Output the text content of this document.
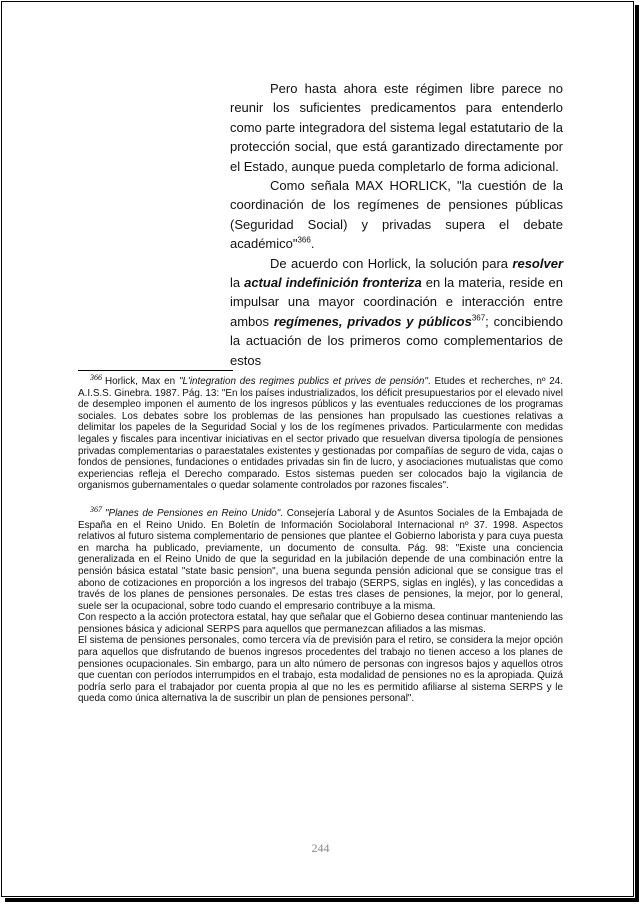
Pero hasta ahora este régimen libre parece no reunir los suficientes predicamentos para entenderlo como parte integradora del sistema legal estatutario de la protección social, que está garantizado directamente por el Estado, aunque pueda completarlo de forma adicional.

Como señala MAX HORLICK, "la cuestión de la coordinación de los regímenes de pensiones públicas (Seguridad Social) y privadas supera el debate académico"$^{366}$.

De acuerdo con Horlick, la solución para resolver la actual indefinición fronteriza en la materia, reside en impulsar una mayor coordinación e interacción entre ambos regímenes, privados y públicos$^{367}$; concibiendo la actuación de los primeros como complementarios de estos

$^{366}$ Horlick, Max en "L'integration des regimes publics et prives de pensión". Etudes et recherches, nº 24. A.I.S.S. Ginebra. 1987. Pág. 13: "En los países industrializados, los déficit presupuestarios por el elevado nivel de desempleo imponen el aumento de los ingresos públicos y las eventuales reducciones de los programas sociales. Los debates sobre los problemas de las pensiones han propulsado las cuestiones relativas a delimitar los papeles de la Seguridad Social y los de los regímenes privados. Particularmente con medidas legales y fiscales para incentivar iniciativas en el sector privado que resuelvan diversa tipología de pensiones privadas complementarias o paraestatales existentes y gestionadas por compañías de seguro de vida, cajas o fondos de pensiones, fundaciones o entidades privadas sin fin de lucro, y asociaciones mutualistas que como experiencias refleja el Derecho comparado. Estos sistemas pueden ser colocados bajo la vigilancia de organismos gubernamentales o quedar solamente controlados por razones fiscales".

$^{367}$ "Planes de Pensiones en Reino Unido". Consejería Laboral y de Asuntos Sociales de la Embajada de España en el Reino Unido. En Boletín de Información Sociolaboral Internacional nº 37. 1998. Aspectos relativos al futuro sistema complementario de pensiones que plantee el Gobierno laborista y para cuya puesta en marcha ha publicado, previamente, un documento de consulta. Pág. 98: "Existe una conciencia generalizada en el Reino Unido de que la seguridad en la jubilación depende de una combinación entre la pensión básica estatal "state basic pension", una buena segunda pensión adicional que se consigue tras el abono de cotizaciones en proporción a los ingresos del trabajo (SERPS, siglas en inglés), y las concedidas a través de los planes de pensiones personales. De estas tres clases de pensiones, la mejor, por lo general, suele ser la ocupacional, sobre todo cuando el empresario contribuye a la misma.

Con respecto a la acción protectora estatal, hay que señalar que el Gobierno desea continuar manteniendo las pensiones básica y adicional SERPS para aquellos que permanezcan afiliados a las mismas.

El sistema de pensiones personales, como tercera vía de previsión para el retiro, se considera la mejor opción para aquellos que disfrutando de buenos ingresos procedentes del trabajo no tienen acceso a los planes de pensiones ocupacionales. Sin embargo, para un alto número de personas con ingresos bajos y aquellos otros que cuentan con períodos interrumpidos en el trabajo, esta modalidad de pensiones no es la apropiada. Quizá podría serlo para el trabajador por cuenta propia al que no les es permitido afiliarse al sistema SERPS y le queda como única alternativa la de suscribir un plan de pensiones personal".

244
